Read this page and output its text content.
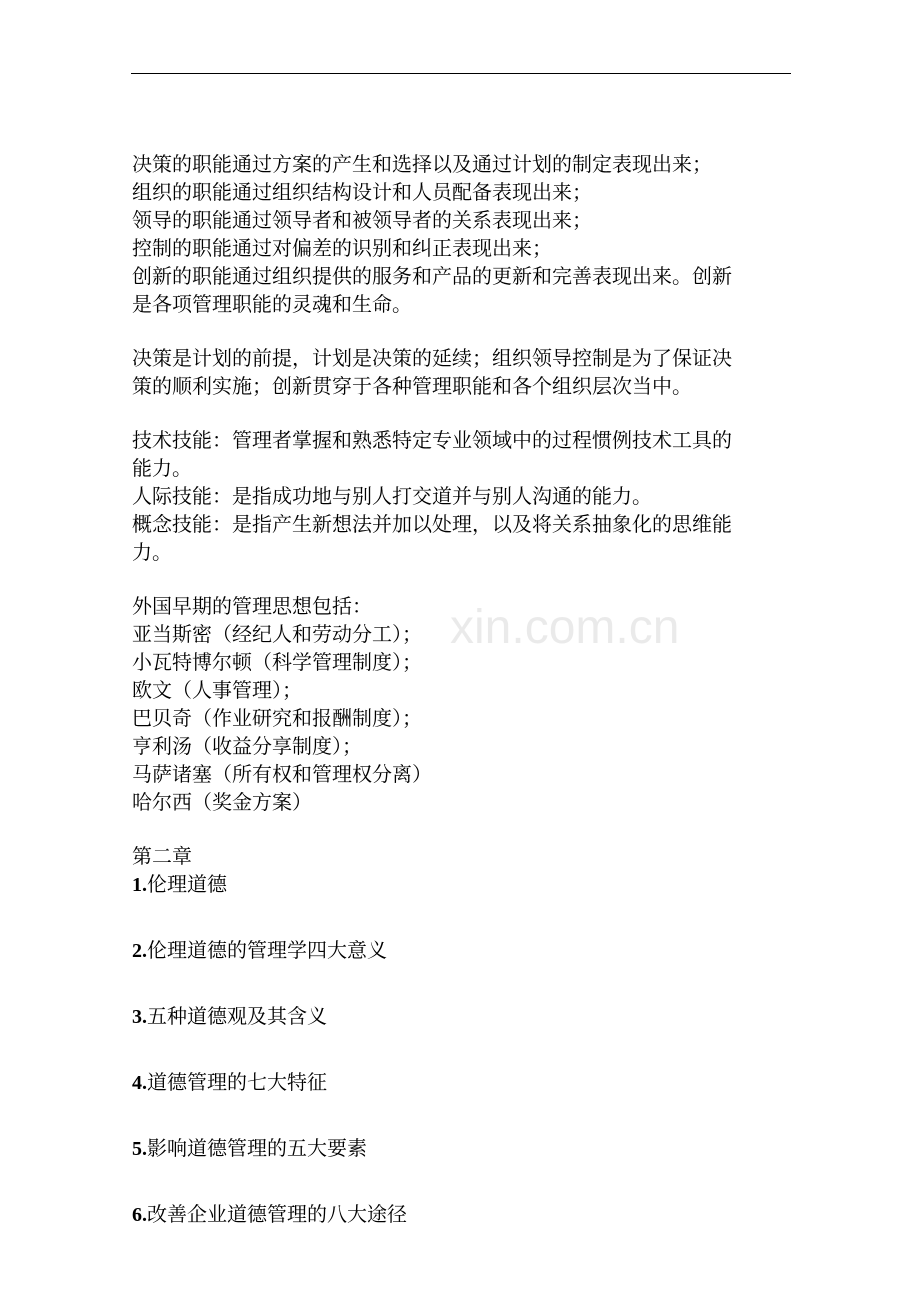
xin.com.cn
决策的职能通过方案的产生和选择以及通过计划的制定表现出来；
组织的职能通过组织结构设计和人员配备表现出来；
领导的职能通过领导者和被领导者的关系表现出来；
控制的职能通过对偏差的识别和纠正表现出来；
创新的职能通过组织提供的服务和产品的更新和完善表现出来。创新
是各项管理职能的灵魂和生命。
决策是计划的前提，计划是决策的延续；组织领导控制是为了保证决
策的顺利实施；创新贯穿于各种管理职能和各个组织层次当中。
技术技能：管理者掌握和熟悉特定专业领域中的过程惯例技术工具的
能力。
人际技能：是指成功地与别人打交道并与别人沟通的能力。
概念技能：是指产生新想法并加以处理，以及将关系抽象化的思维能
力。
外国早期的管理思想包括：
亚当斯密（经纪人和劳动分工）；
小瓦特博尔顿（科学管理制度）；
欧文（人事管理）；
巴贝奇（作业研究和报酬制度）；
亨利汤（收益分享制度）；
马萨诸塞（所有权和管理权分离）
哈尔西（奖金方案）
第二章
1.伦理道德
2.伦理道德的管理学四大意义
3.五种道德观及其含义
4.道德管理的七大特征
5.影响道德管理的五大要素
6.改善企业道德管理的八大途径
